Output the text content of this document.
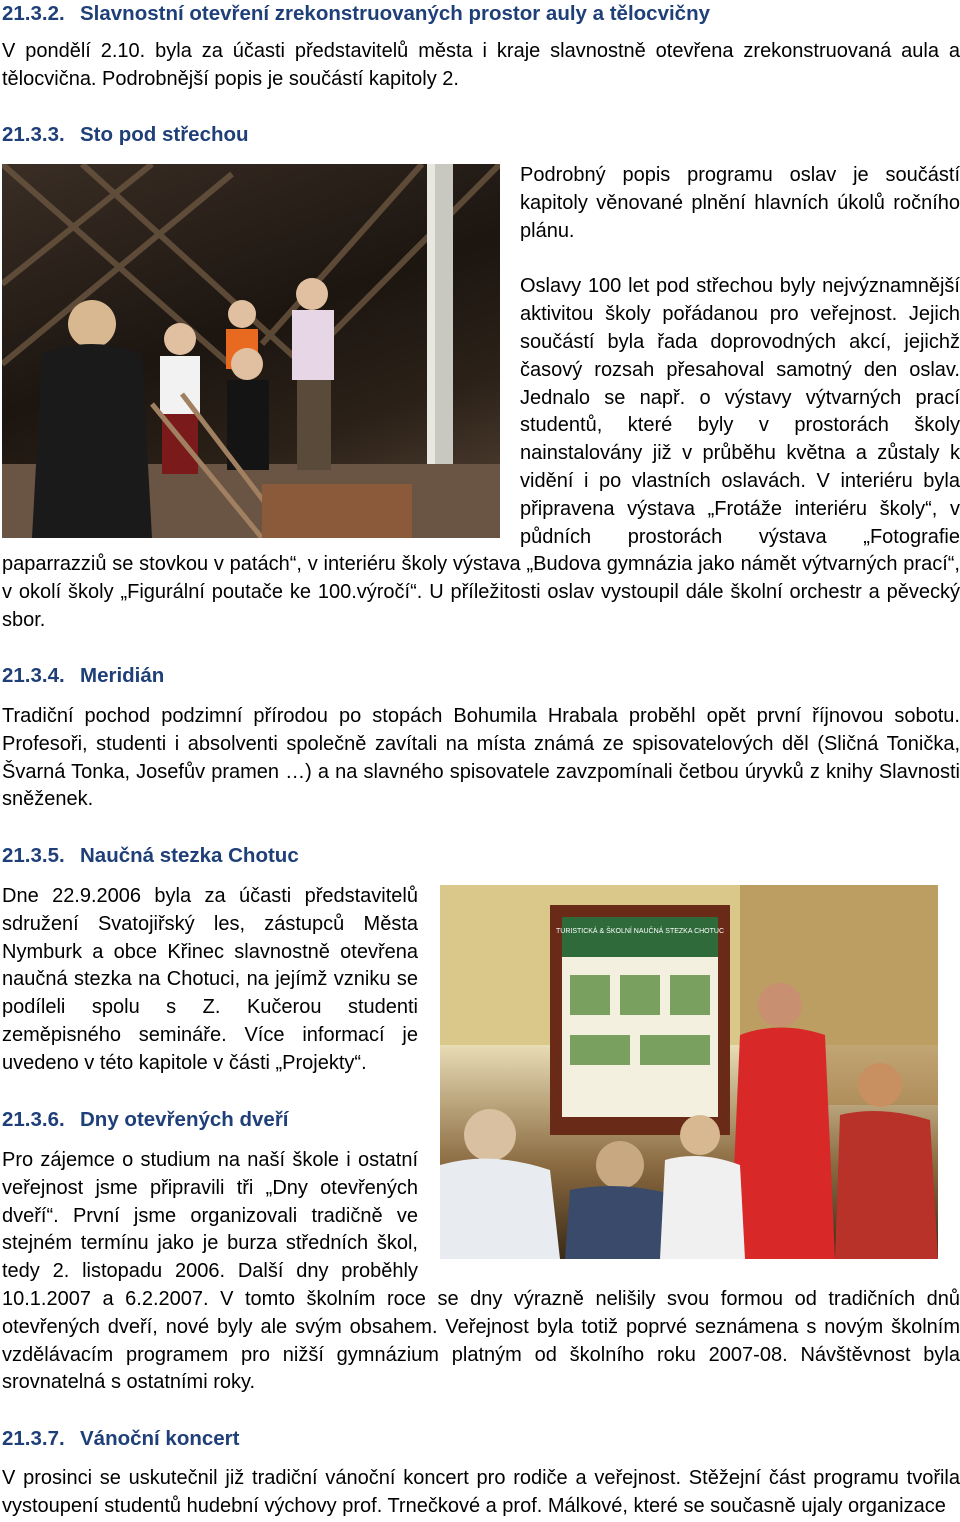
21.3.2. Slavnostní otevření zrekonstruovaných prostor auly a tělocvičny

V pondělí 2.10. byla za účasti představitelů města i kraje slavnostně otevřena zrekonstruovaná aula a tělocvična. Podrobnější popis je součástí kapitoly 2.

21.3.3. Sto pod střechou

Podrobný popis programu oslav je součástí kapitoly věnované plnění hlavních úkolů ročního plánu.

Oslavy 100 let pod střechou byly nejvýznamnější aktivitou školy pořádanou pro veřejnost. Jejich součástí byla řada doprovodných akcí, jejichž časový rozsah přesahoval samotný den oslav. Jednalo se např. o výstavy výtvarných prací studentů, které byly v prostorách školy nainstalovány již v průběhu května a zůstaly k vidění i po vlastních oslavách. V interiéru byla připravena výstava „Frotáže interiéru školy“, v půdních prostorách výstava „Fotografie

paparrazziů se stovkou v patách“, v interiéru školy výstava „Budova gymnázia jako námět výtvarných prací“, v okolí školy „Figurální poutače ke 100.výročí“. U příležitosti oslav vystoupil dále školní orchestr a pěvecký sbor.

21.3.4. Meridián

Tradiční pochod podzimní přírodou po stopách Bohumila Hrabala proběhl opět první říjnovou sobotu. Profesoři, studenti i absolventi společně zavítali na místa známá ze spisovatelových děl (Sličná Tonička, Švarná Tonka, Josefův pramen …) a na slavného spisovatele zavzpomínali četbou úryvků z knihy Slavnosti sněženek.

21.3.5. Naučná stezka Chotuc

Dne 22.9.2006 byla za účasti představitelů sdružení Svatojiřský les, zástupců Města Nymburk a obce Křinec slavnostně otevřena naučná stezka na Chotuci, na jejímž vzniku se podíleli spolu s Z. Kučerou studenti zeměpisného semináře. Více informací je uvedeno v této kapitole v části „Projekty“.

TURISTICKÁ & ŠKOLNÍ NAUČNÁ STEZKA CHOTUC
21.3.6. Dny otevřených dveří

Pro zájemce o studium na naší škole i ostatní veřejnost jsme připravili tři „Dny otevřených dveří“. První jsme organizovali tradičně ve stejném termínu jako je burza středních škol, tedy 2. listopadu 2006. Další dny proběhly

10.1.2007 a 6.2.2007. V tomto školním roce se dny výrazně nelišily svou formou od tradičních dnů otevřených dveří, nové byly ale svým obsahem. Veřejnost byla totiž poprvé seznámena s novým školním vzdělávacím programem pro nižší gymnázium platným od školního roku 2007-08. Návštěvnost byla srovnatelná s ostatními roky.

21.3.7. Vánoční koncert

V prosinci se uskutečnil již tradiční vánoční koncert pro rodiče a veřejnost. Stěžejní část programu tvořila vystoupení studentů hudební výchovy prof. Trnečkové a prof. Málkové, které se současně ujaly organizace
